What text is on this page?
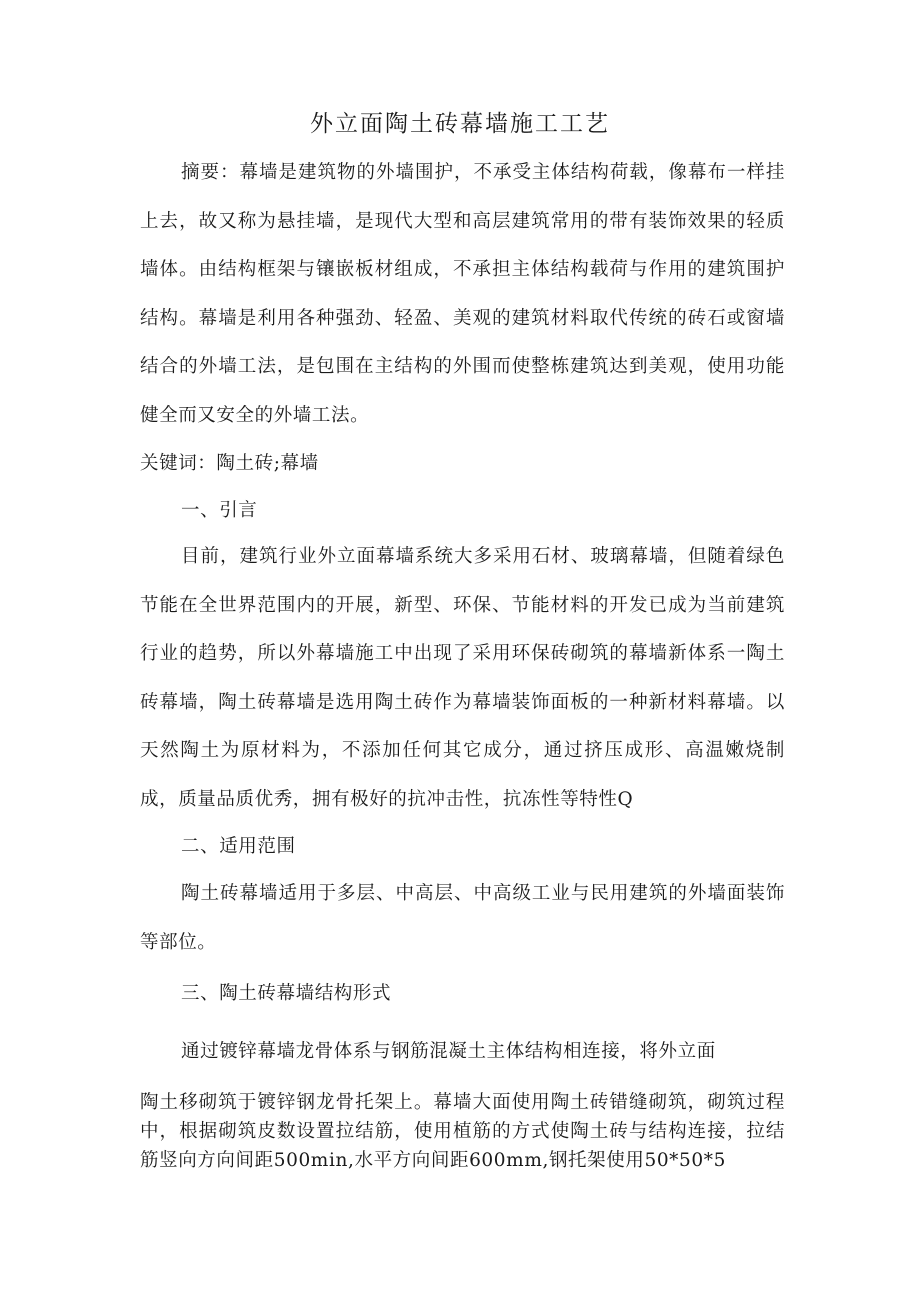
外立面陶土砖幕墙施工工艺
摘要：幕墙是建筑物的外墙围护，不承受主体结构荷载，像幕布一样挂上去，故又称为悬挂墙，是现代大型和高层建筑常用的带有装饰效果的轻质墙体。由结构框架与镶嵌板材组成，不承担主体结构载荷与作用的建筑围护结构。幕墙是利用各种强劲、轻盈、美观的建筑材料取代传统的砖石或窗墙结合的外墙工法，是包围在主结构的外围而使整栋建筑达到美观，使用功能健全而又安全的外墙工法。
关键词：陶土砖;幕墙
一、引言
目前，建筑行业外立面幕墙系统大多采用石材、玻璃幕墙，但随着绿色节能在全世界范围内的开展，新型、环保、节能材料的开发已成为当前建筑行业的趋势，所以外幕墙施工中出现了采用环保砖砌筑的幕墙新体系一陶土砖幕墙，陶土砖幕墙是选用陶土砖作为幕墙装饰面板的一种新材料幕墙。以天然陶土为原材料为，不添加任何其它成分，通过挤压成形、高温嫩烧制成，质量品质优秀，拥有极好的抗冲击性，抗冻性等特性Q
二、适用范围
陶土砖幕墙适用于多层、中高层、中高级工业与民用建筑的外墙面装饰等部位。
三、陶土砖幕墙结构形式
通过镀锌幕墙龙骨体系与钢筋混凝土主体结构相连接，将外立面
陶土移砌筑于镀锌钢龙骨托架上。幕墙大面使用陶土砖错缝砌筑，砌筑过程中，根据砌筑皮数设置拉结筋，使用植筋的方式使陶土砖与结构连接，拉结筋竖向方向间距500min,水平方向间距600mm,钢托架使用50*50*5
